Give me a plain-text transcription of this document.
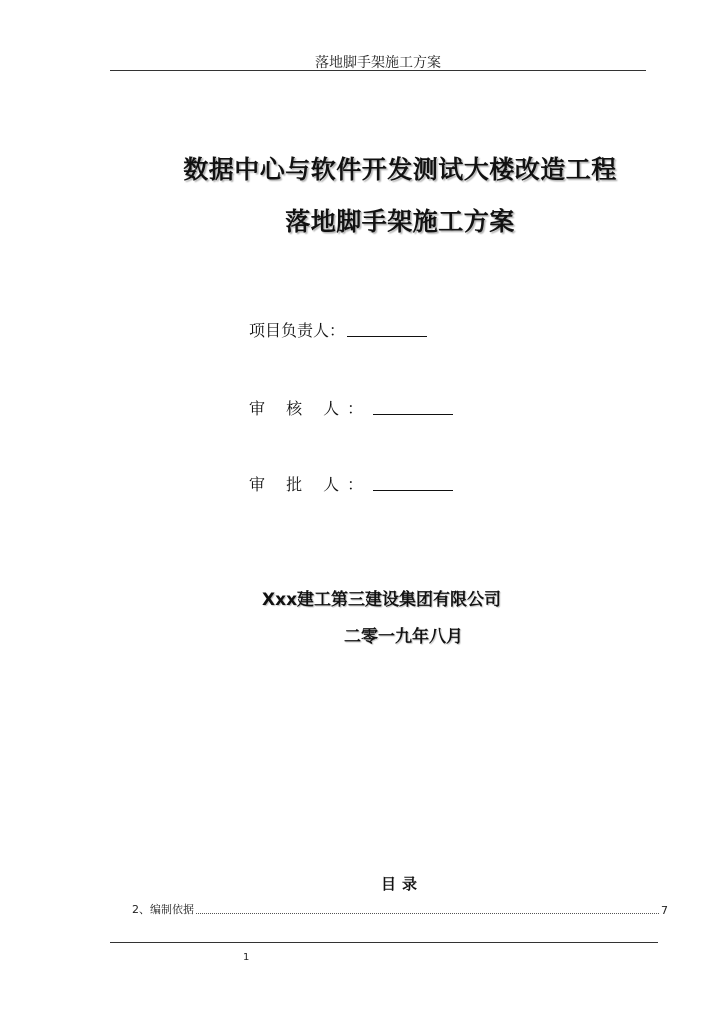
落地脚手架施工方案
数据中心与软件开发测试大楼改造工程
落地脚手架施工方案
项目负责人：
审 核 人：
审 批 人：
Xxx建工第三建设集团有限公司
二零一九年八月
目录
2、编制依据	7
1
